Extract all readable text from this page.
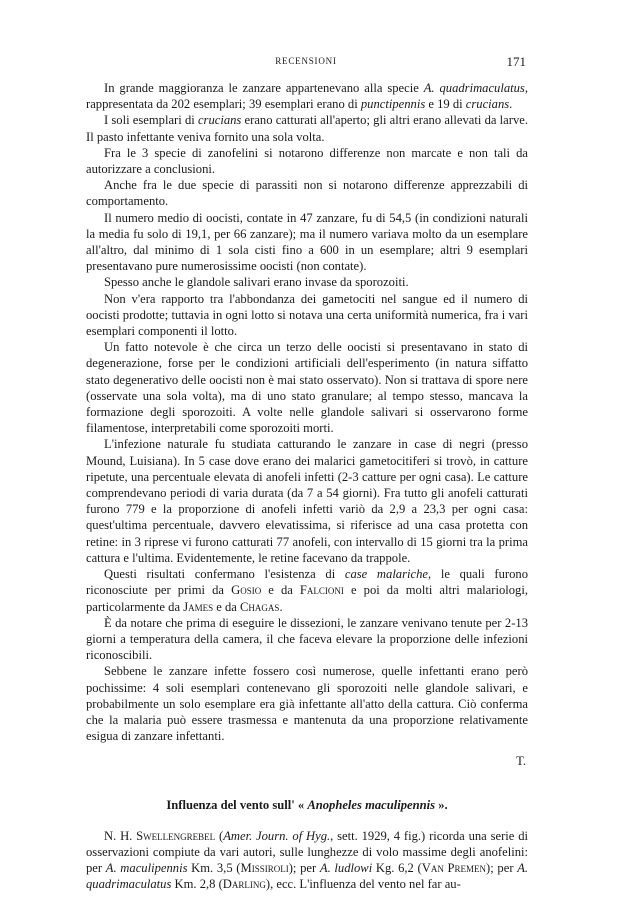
RECENSIONI	171

In grande maggioranza le zanzare appartenevano alla specie A. quadrimaculatus, rappresentata da 202 esemplari; 39 esemplari erano di punctipennis e 19 di crucians.

I soli esemplari di crucians erano catturati all'aperto; gli altri erano allevati da larve. Il pasto infettante veniva fornito una sola volta.

Fra le 3 specie di zanofelini si notarono differenze non marcate e non tali da autorizzare a conclusioni.

Anche fra le due specie di parassiti non si notarono differenze apprezzabili di comportamento.

Il numero medio di oocisti, contate in 47 zanzare, fu di 54,5 (in condizioni naturali la media fu solo di 19,1, per 66 zanzare); ma il numero variava molto da un esemplare all'altro, dal minimo di 1 sola cisti fino a 600 in un esemplare; altri 9 esemplari presentavano pure numerosissime oocisti (non contate).

Spesso anche le glandole salivari erano invase da sporozoiti.

Non v'era rapporto tra l'abbondanza dei gametociti nel sangue ed il numero di oocisti prodotte; tuttavia in ogni lotto si notava una certa uniformità numerica, fra i vari esemplari componenti il lotto.

Un fatto notevole è che circa un terzo delle oocisti si presentavano in stato di degenerazione, forse per le condizioni artificiali dell'esperimento (in natura siffatto stato degenerativo delle oocisti non è mai stato osservato). Non si trattava di spore nere (osservate una sola volta), ma di uno stato granulare; al tempo stesso, mancava la formazione degli sporozoiti. A volte nelle glandole salivari si osservarono forme filamentose, interpretabili come sporozoiti morti.

L'infezione naturale fu studiata catturando le zanzare in case di negri (presso Mound, Luisiana). In 5 case dove erano dei malarici gametocitiferi si trovò, in catture ripetute, una percentuale elevata di anofeli infetti (2-3 catture per ogni casa). Le catture comprendevano periodi di varia durata (da 7 a 54 giorni). Fra tutto gli anofeli catturati furono 779 e la proporzione di anofeli infetti variò da 2,9 a 23,3 per ogni casa: quest'ultima percentuale, davvero elevatissima, si riferisce ad una casa protetta con retine: in 3 riprese vi furono catturati 77 anofeli, con intervallo di 15 giorni tra la prima cattura e l'ultima. Evidentemente, le retine facevano da trappole.

Questi risultati confermano l'esistenza di case malariche, le quali furono riconosciute per primi da Gosio e da Falcioni e poi da molti altri malariologi, particolarmente da James e da Chagas.

È da notare che prima di eseguire le dissezioni, le zanzare venivano tenute per 2-13 giorni a temperatura della camera, il che faceva elevare la proporzione delle infezioni riconoscibili.

Sebbene le zanzare infette fossero così numerose, quelle infettanti erano però pochissime: 4 soli esemplari contenevano gli sporozoiti nelle glandole salivari, e probabilmente un solo esemplare era già infettante all'atto della cattura. Ciò conferma che la malaria può essere trasmessa e mantenuta da una proporzione relativamente esigua di zanzare infettanti.

T.

Influenza del vento sull' « Anopheles maculipennis ».

N. H. Swellengrebel (Amer. Journ. of Hyg., sett. 1929, 4 fig.) ricorda una serie di osservazioni compiute da vari autori, sulle lunghezze di volo massime degli anofelini: per A. maculipennis Km. 3,5 (Missiroli); per A. ludlowi Kg. 6,2 (Van Premen); per A. quadrimaculatus Km. 2,8 (Darling), ecc. L'influenza del vento nel far au-
